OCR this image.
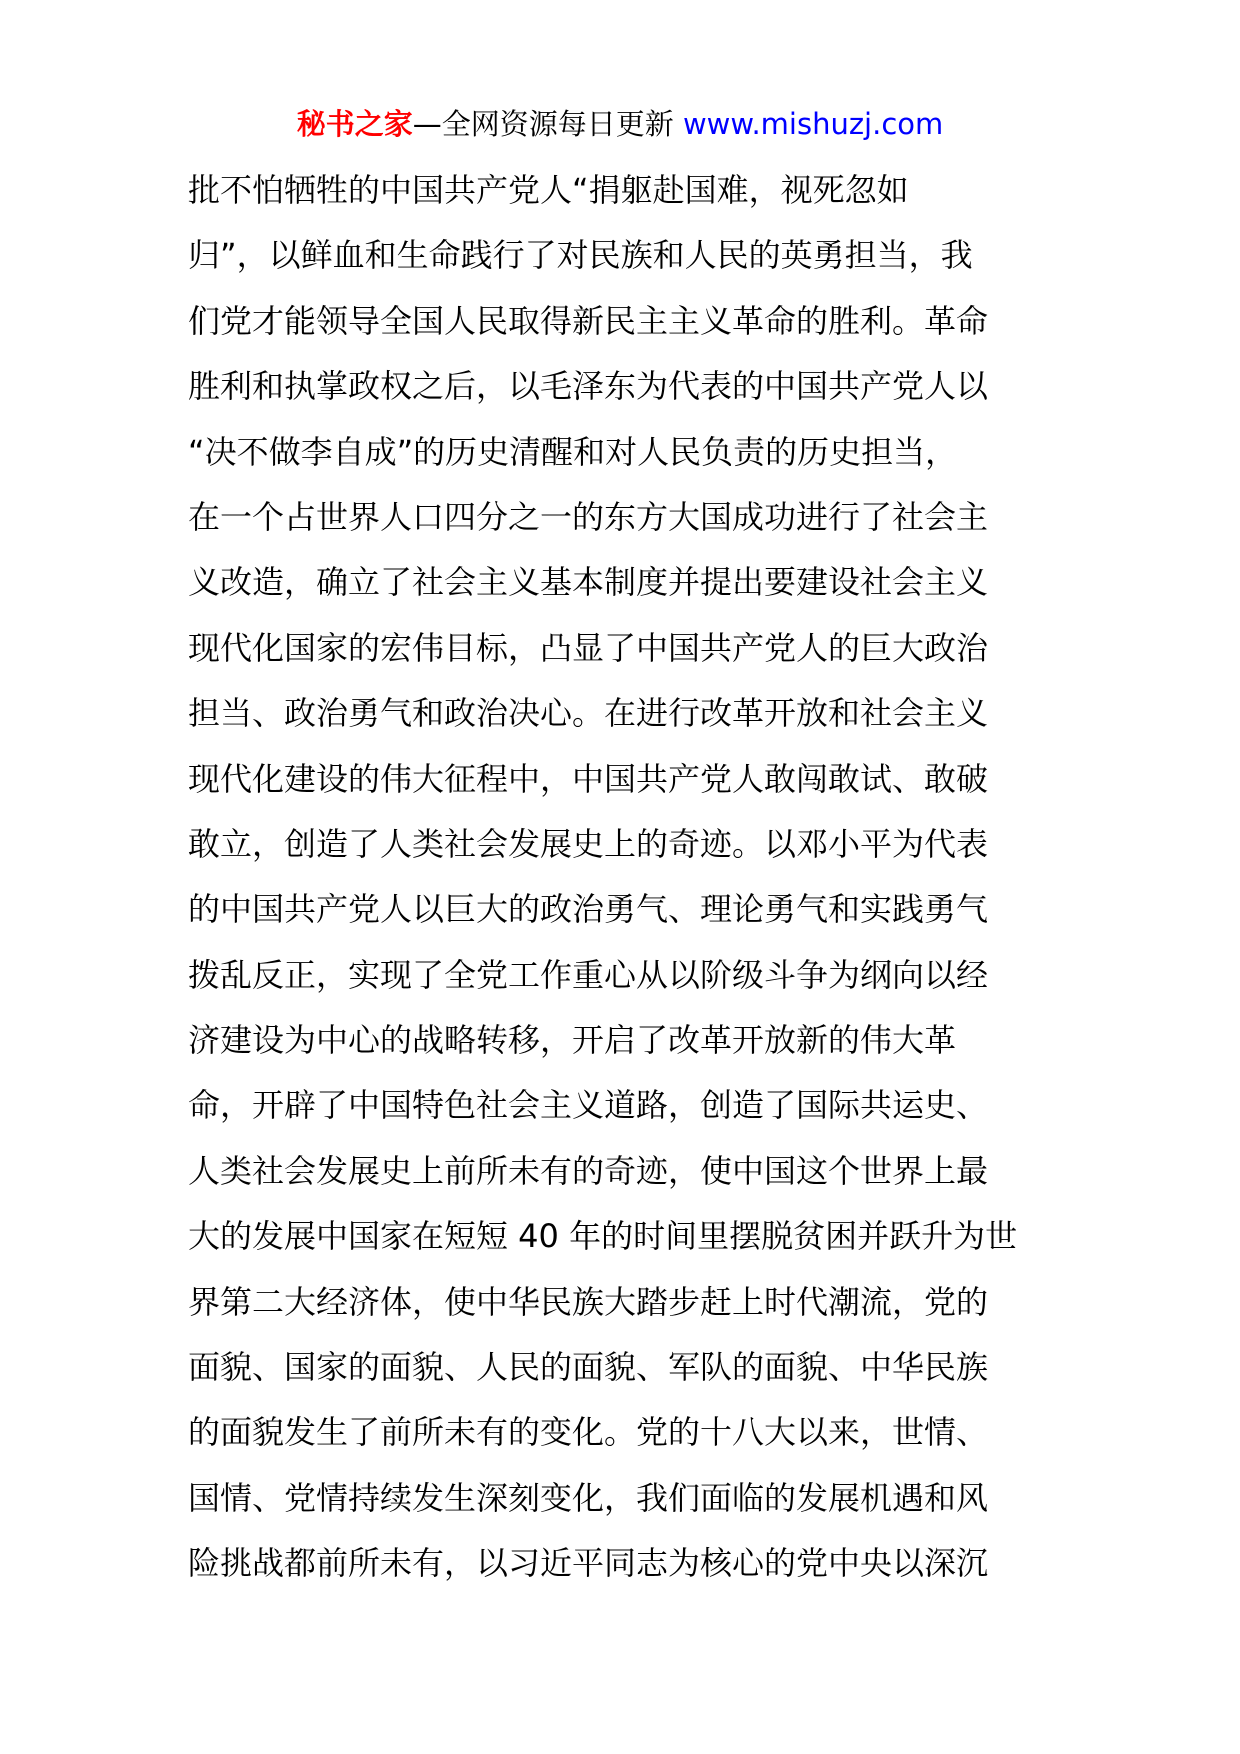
秘书之家—全网资源每日更新 www.mishuzj.com
批不怕牺牲的中国共产党人“捐躯赴国难，视死忽如
归”，以鲜血和生命践行了对民族和人民的英勇担当，我
们党才能领导全国人民取得新民主主义革命的胜利。革命
胜利和执掌政权之后，以毛泽东为代表的中国共产党人以
“决不做李自成”的历史清醒和对人民负责的历史担当，
在一个占世界人口四分之一的东方大国成功进行了社会主
义改造，确立了社会主义基本制度并提出要建设社会主义
现代化国家的宏伟目标，凸显了中国共产党人的巨大政治
担当、政治勇气和政治决心。在进行改革开放和社会主义
现代化建设的伟大征程中，中国共产党人敢闯敢试、敢破
敢立，创造了人类社会发展史上的奇迹。以邓小平为代表
的中国共产党人以巨大的政治勇气、理论勇气和实践勇气
拨乱反正，实现了全党工作重心从以阶级斗争为纲向以经
济建设为中心的战略转移，开启了改革开放新的伟大革
命，开辟了中国特色社会主义道路，创造了国际共运史、
人类社会发展史上前所未有的奇迹，使中国这个世界上最
大的发展中国家在短短 40 年的时间里摆脱贫困并跃升为世
界第二大经济体，使中华民族大踏步赶上时代潮流，党的
面貌、国家的面貌、人民的面貌、军队的面貌、中华民族
的面貌发生了前所未有的变化。党的十八大以来，世情、
国情、党情持续发生深刻变化，我们面临的发展机遇和风
险挑战都前所未有，以习近平同志为核心的党中央以深沉
